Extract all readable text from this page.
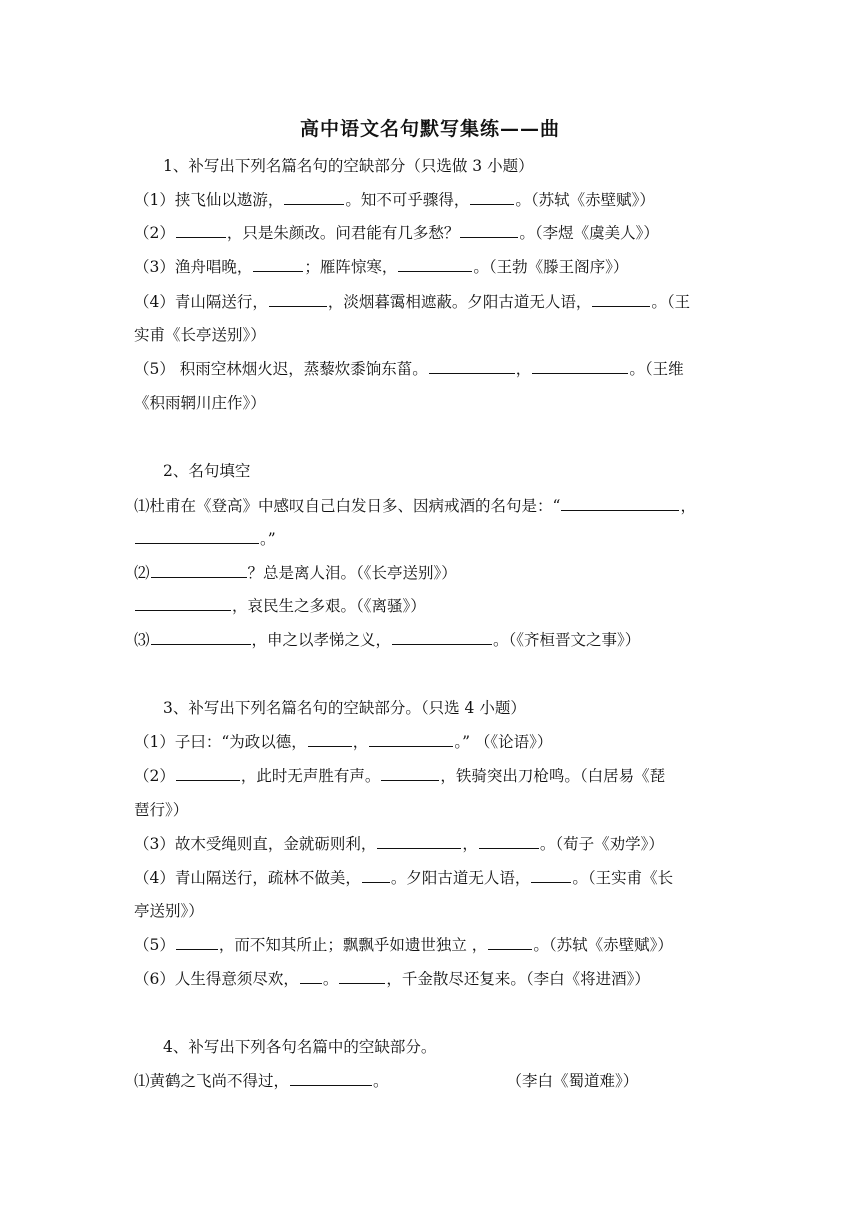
高中语文名句默写集练——曲
1、补写出下列名篇名句的空缺部分（只选做 3 小题）
（1）挟飞仙以遨游，	。知不可乎骤得，	。（苏轼《赤壁赋》）
（2）	，只是朱颜改。问君能有几多愁？	。（李煜《虞美人》）
（3）渔舟唱晚，	；雁阵惊寒，	。（王勃《滕王阁序》）
（4）青山隔送行，	，淡烟暮霭相遮蔽。夕阳古道无人语，	。（王
实甫《长亭送别》）
（5） 积雨空林烟火迟，蒸藜炊黍饷东菑。	，	。（王维
《积雨辋川庄作》）
2、名句填空
⑴杜甫在《登高》中感叹自己白发日多、因病戒酒的名句是：“	，
。”
⑵	？总是离人泪。（《长亭送别》）
，哀民生之多艰。（《离骚》）
⑶	，申之以孝悌之义，	。（《齐桓晋文之事》）
3、补写出下列名篇名句的空缺部分。（只选 4 小题）
（1）子曰：“为政以德，	，	。” （《论语》）
（2）	，此时无声胜有声。	，铁骑突出刀枪鸣。（白居易《琵
琶行》）
（3）故木受绳则直，金就砺则利，	，	。（荀子《劝学》）
（4）青山隔送行，疏林不做美， 。夕阳古道无人语，	。（王实甫《长
亭送别》）
（5）	，而不知其所止；飘飘乎如遗世独立 ，	。（苏轼《赤壁赋》）
（6）人生得意须尽欢， 。	，千金散尽还复来。（李白《将进酒》）
4、补写出下列各句名篇中的空缺部分。
⑴黄鹤之飞尚不得过，	。	（李白《蜀道难》）
